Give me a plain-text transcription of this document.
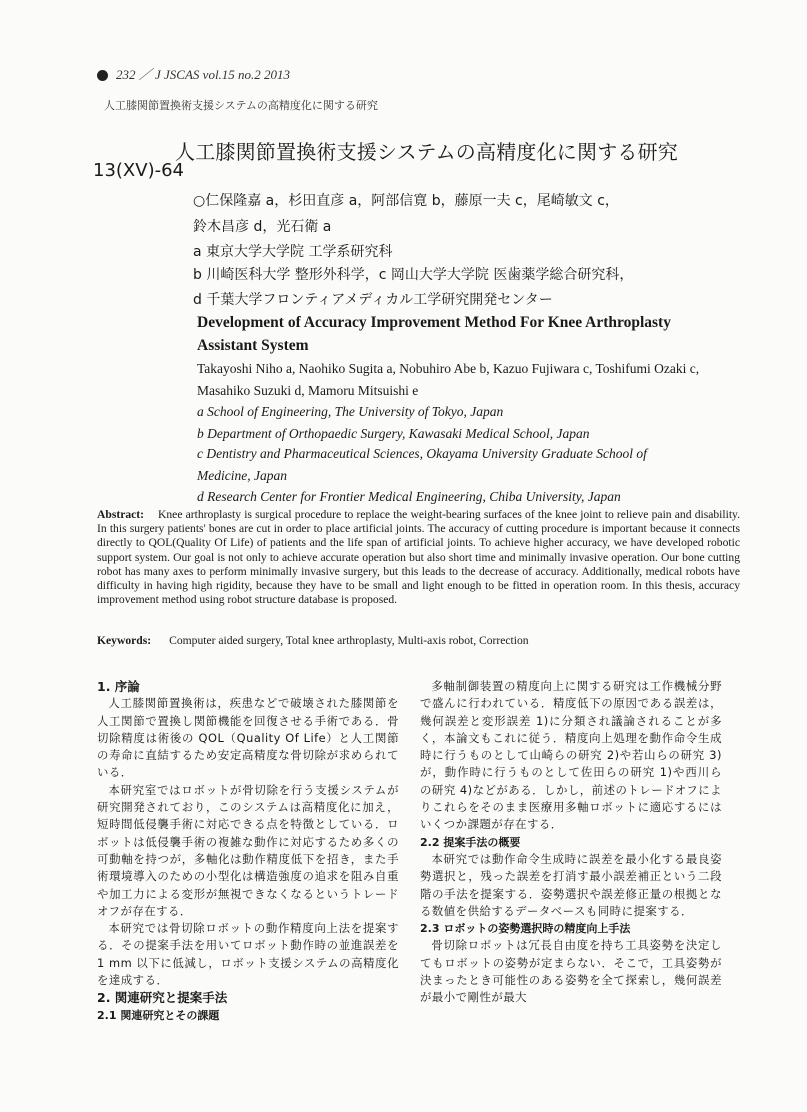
232 ／ J JSCAS vol.15 no.2 2013
人工膝関節置換術支援システムの高精度化に関する研究
人工膝関節置換術支援システムの高精度化に関する研究
13(XV)-64
○仁保隆嘉 a，杉田直彦 a，阿部信寛 b，藤原一夫 c，尾崎敏文 c，
鈴木昌彦 d，光石衛 a
a 東京大学大学院 工学系研究科
b 川崎医科大学 整形外科学，c 岡山大学大学院 医歯薬学総合研究科，
d 千葉大学フロンティアメディカル工学研究開発センター
Development of Accuracy Improvement Method For Knee Arthroplasty
Assistant System
Takayoshi Niho a, Naohiko Sugita a, Nobuhiro Abe b, Kazuo Fujiwara c, Toshifumi Ozaki c,
Masahiko Suzuki d, Mamoru Mitsuishi e
a School of Engineering, The University of Tokyo, Japan
b Department of Orthopaedic Surgery, Kawasaki Medical School, Japan
c Dentistry and Pharmaceutical Sciences, Okayama University Graduate School of
Medicine, Japan
d Research Center for Frontier Medical Engineering, Chiba University, Japan
Abstract: Knee arthroplasty is surgical procedure to replace the weight-bearing surfaces of the knee joint to relieve pain and disability. In this surgery patients' bones are cut in order to place artificial joints. The accuracy of cutting procedure is important because it connects directly to QOL(Quality Of Life) of patients and the life span of artificial joints. To achieve higher accuracy, we have developed robotic support system. Our goal is not only to achieve accurate operation but also short time and minimally invasive operation. Our bone cutting robot has many axes to perform minimally invasive surgery, but this leads to the decrease of accuracy. Additionally, medical robots have difficulty in having high rigidity, because they have to be small and light enough to be fitted in operation room. In this thesis, accuracy improvement method using robot structure database is proposed.
Keywords: Computer aided surgery, Total knee arthroplasty, Multi-axis robot, Correction
1. 序論

人工膝関節置換術は，疾患などで破壊された膝関節を人工関節で置換し関節機能を回復させる手術である．骨切除精度は術後の QOL（Quality Of Life）と人工関節の寿命に直結するため安定高精度な骨切除が求められている．

本研究室ではロボットが骨切除を行う支援システムが研究開発されており，このシステムは高精度化に加え，短時間低侵襲手術に対応できる点を特徴としている．ロボットは低侵襲手術の複雑な動作に対応するため多くの可動軸を持つが，多軸化は動作精度低下を招き，また手術環境導入のための小型化は構造強度の追求を阻み自重や加工力による変形が無視できなくなるというトレードオフが存在する．

本研究では骨切除ロボットの動作精度向上法を提案する．その提案手法を用いてロボット動作時の並進誤差を 1 mm 以下に低減し，ロボット支援システムの高精度化を達成する．

2. 関連研究と提案手法
2.1 関連研究とその課題

多軸制御装置の精度向上に関する研究は工作機械分野で盛んに行われている．精度低下の原因である誤差は，幾何誤差と変形誤差 1)に分類され議論されることが多く，本論文もこれに従う．精度向上処理を動作命令生成時に行うものとして山崎らの研究 2)や若山らの研究 3)が，動作時に行うものとして佐田らの研究 1)や西川らの研究 4)などがある．しかし，前述のトレードオフによりこれらをそのまま医療用多軸ロボットに適応するにはいくつか課題が存在する．

2.2 提案手法の概要

本研究では動作命令生成時に誤差を最小化する最良姿勢選択と，残った誤差を打消す最小誤差補正という二段階の手法を提案する．姿勢選択や誤差修正量の根拠となる数値を供給するデータベースも同時に提案する．

2.3 ロボットの姿勢選択時の精度向上手法

骨切除ロボットは冗長自由度を持ち工具姿勢を決定してもロボットの姿勢が定まらない．そこで，工具姿勢が決まったとき可能性のある姿勢を全て探索し，幾何誤差が最小で剛性が最大
